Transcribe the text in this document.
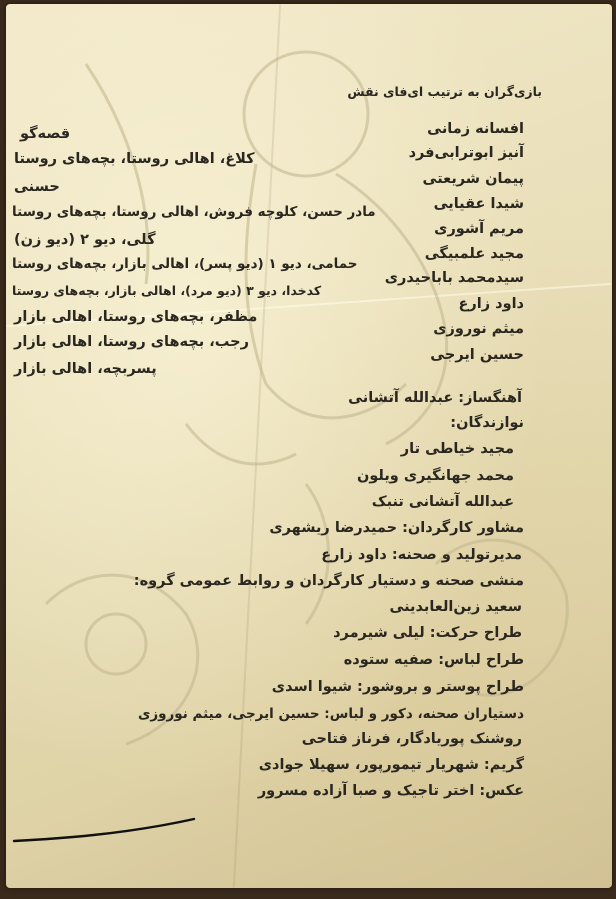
بازی‌گران به ترتیب ای‌فای نقش
افسانه زمانی
آنیز ابوترابی‌فرد
پیمان شریعتی
شیدا عقیایی
مریم آشوری
مجید علمبیگی
سیدمحمد باباحیدری
داود زارع
میثم نوروزی
حسین ایرجی
قصه‌گو
کلاغ، اهالی روستا، بچه‌های روستا
حسنی
مادر حسن، کلوچه فروش، اهالی روستا، بچه‌های روستا
گلی، دیو ۲ (دیو زن)
حمامی، دیو ۱ (دیو پسر)، اهالی بازار، بچه‌های روستا
کدخدا، دیو ۳ (دیو مرد)، اهالی بازار، بچه‌های روستا
مظفر، بچه‌های روستا، اهالی بازار
رجب، بچه‌های روستا، اهالی بازار
پسربچه، اهالی بازار
آهنگساز: عبدالله آتشانی
نوازندگان:
مجید خیاطی تار
محمد جهانگیری ویلون
عبدالله آتشانی تنبک
مشاور کارگردان: حمیدرضا ریشهری
مدیرتولید و صحنه: داود زارع
منشی صحنه و دستیار کارگردان و روابط عمومی گروه:
سعید زین‌العابدینی
طراح حرکت: لیلی شیرمرد
طراح لباس: صفیه ستوده
طراح پوستر و بروشور: شیوا اسدی
دستیاران صحنه، دکور و لباس: حسین ایرجی، میثم نوروزی
روشنک پوریادگار، فرناز فتاحی
گریم: شهریار تیمورپور، سهیلا جوادی
عکس: اختر تاجیک و صبا آزاده مسرور
